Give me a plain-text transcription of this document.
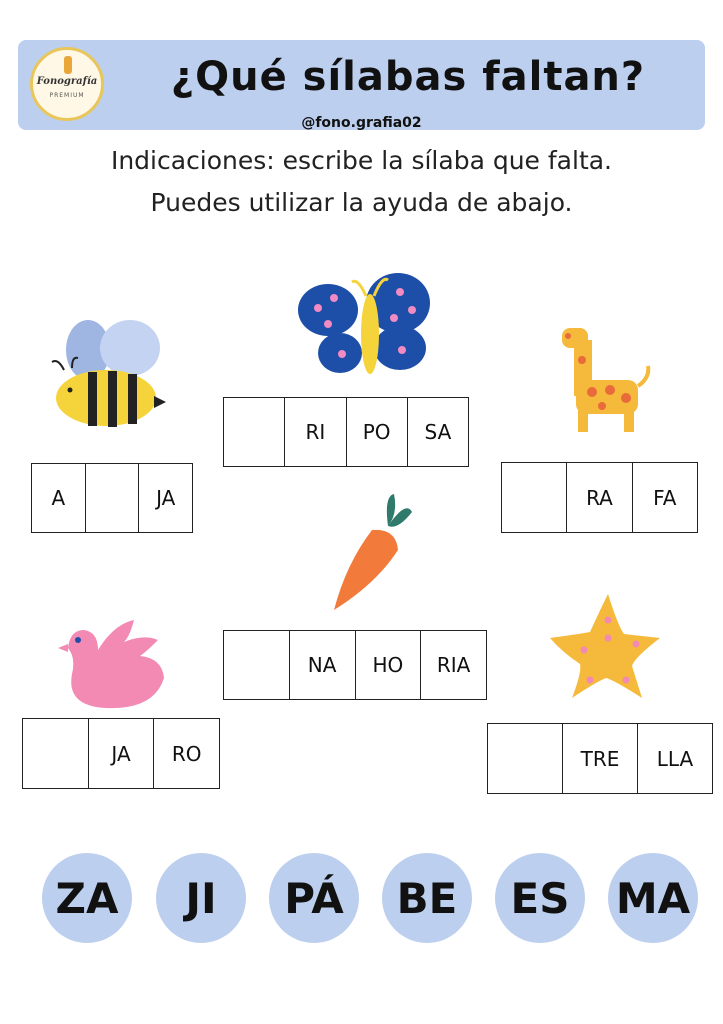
Fonografía
PREMIUM	¿Qué sílabas faltan?
@fono.grafia02
Indicaciones: escribe la sílaba que falta.
Puedes utilizar la ayuda de abajo.
A	JA
RI	PO	SA
RA	FA
NA	HO	RIA
JA	RO	TRE	LLA
ZA	JI	PÁ	BE	ES	MA
